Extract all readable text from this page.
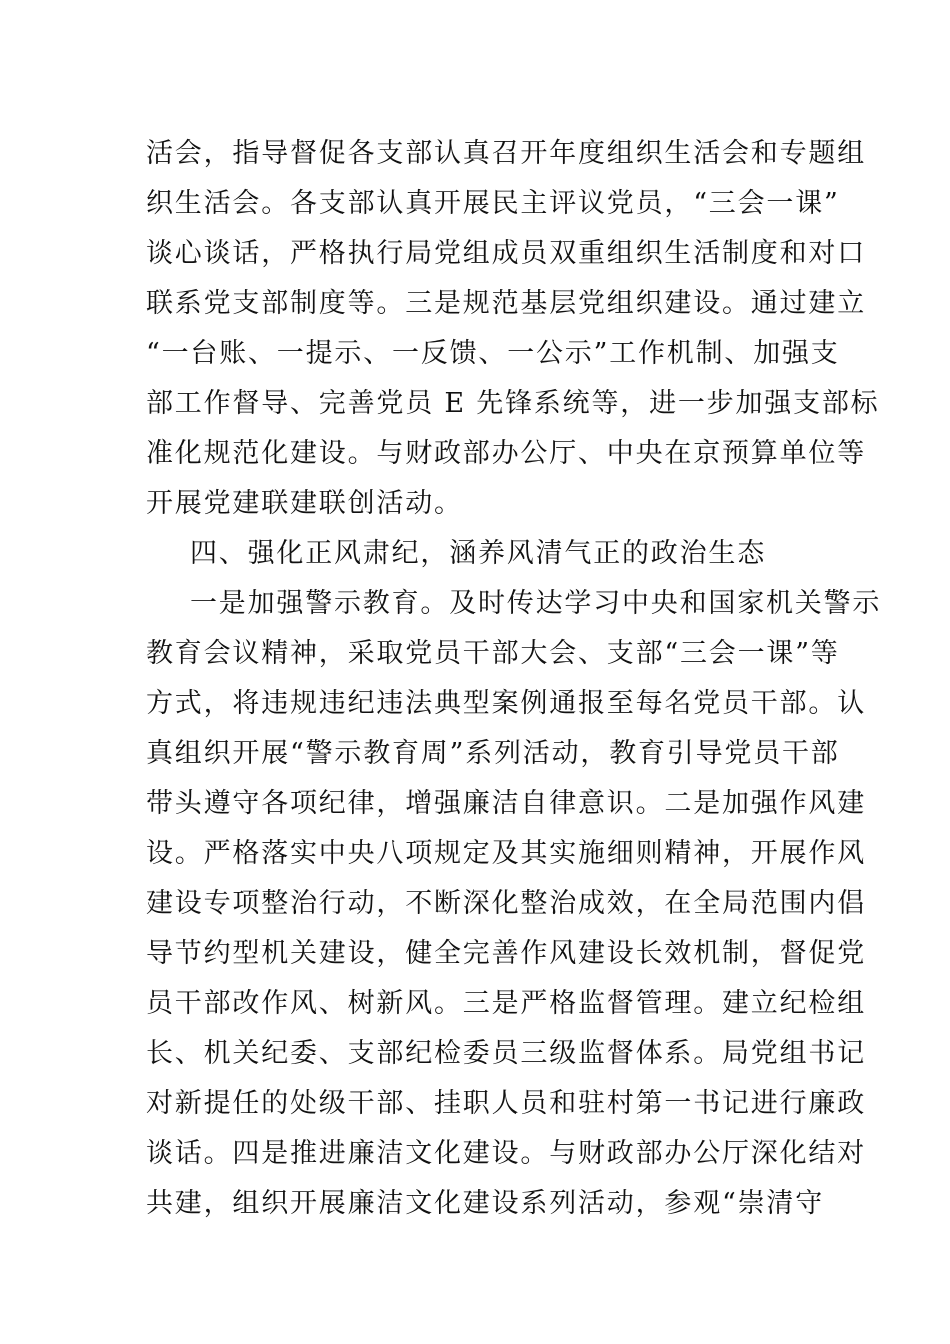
活会，指导督促各支部认真召开年度组织生活会和专题组
织生活会。各支部认真开展民主评议党员，“三会一课”
谈心谈话，严格执行局党组成员双重组织生活制度和对口
联系党支部制度等。三是规范基层党组织建设。通过建立
“一台账、一提示、一反馈、一公示”工作机制、加强支
部工作督导、完善党员 E 先锋系统等，进一步加强支部标
准化规范化建设。与财政部办公厅、中央在京预算单位等
开展党建联建联创活动。
四、强化正风肃纪，涵养风清气正的政治生态
一是加强警示教育。及时传达学习中央和国家机关警示
教育会议精神，采取党员干部大会、支部“三会一课”等
方式，将违规违纪违法典型案例通报至每名党员干部。认
真组织开展“警示教育周”系列活动，教育引导党员干部
带头遵守各项纪律，增强廉洁自律意识。二是加强作风建
设。严格落实中央八项规定及其实施细则精神，开展作风
建设专项整治行动，不断深化整治成效，在全局范围内倡
导节约型机关建设，健全完善作风建设长效机制，督促党
员干部改作风、树新风。三是严格监督管理。建立纪检组
长、机关纪委、支部纪检委员三级监督体系。局党组书记
对新提任的处级干部、挂职人员和驻村第一书记进行廉政
谈话。四是推进廉洁文化建设。与财政部办公厅深化结对
共建，组织开展廉洁文化建设系列活动，参观“崇清守
